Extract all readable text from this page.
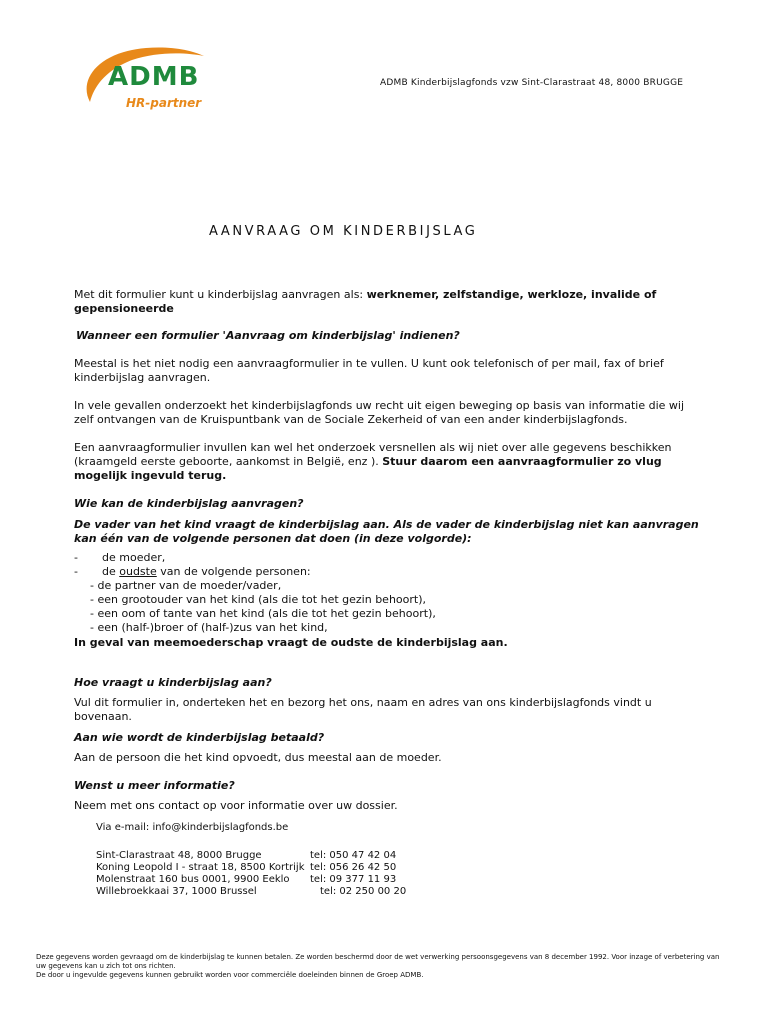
ADMB
HR-partner
ADMB Kinderbijslagfonds vzw Sint-Clarastraat 48, 8000 BRUGGE
AANVRAAG OM KINDERBIJSLAG
Met dit formulier kunt u kinderbijslag aanvragen als: werknemer, zelfstandige, werkloze, invalide of gepensioneerde
Wanneer een formulier 'Aanvraag om kinderbijslag' indienen?
Meestal is het niet nodig een aanvraagformulier in te vullen. U kunt ook telefonisch of per mail, fax of brief kinderbijslag aanvragen.
In vele gevallen onderzoekt het kinderbijslagfonds uw recht uit eigen beweging op basis van informatie die wij zelf ontvangen van de Kruispuntbank van de Sociale Zekerheid of van een ander kinderbijslagfonds.
Een aanvraagformulier invullen kan wel het onderzoek versnellen als wij niet over alle gegevens beschikken (kraamgeld eerste geboorte, aankomst in België, enz ). Stuur daarom een aanvraagformulier zo vlug mogelijk ingevuld terug.
Wie kan de kinderbijslag aanvragen?
De vader van het kind vraagt de kinderbijslag aan. Als de vader de kinderbijslag niet kan aanvragen kan één van de volgende personen dat doen (in deze volgorde):
- de moeder,
- de oudste van de volgende personen:
- de partner van de moeder/vader,
- een grootouder van het kind (als die tot het gezin behoort),
- een oom of tante van het kind (als die tot het gezin behoort),
- een (half-)broer of (half-)zus van het kind,
In geval van meemoederschap vraagt de oudste de kinderbijslag aan.
Hoe vraagt u kinderbijslag aan?
Vul dit formulier in, onderteken het en bezorg het ons, naam en adres van ons kinderbijslagfonds vindt u bovenaan.
Aan wie wordt de kinderbijslag betaald?
Aan de persoon die het kind opvoedt, dus meestal aan de moeder.
Wenst u meer informatie?
Neem met ons contact op voor informatie over uw dossier.
Via e-mail: info@kinderbijslagfonds.be
Sint-Clarastraat 48, 8000 Brugge	tel: 050 47 42 04
Koning Leopold I - straat 18, 8500 Kortrijk tel: 056 26 42 50
Molenstraat 160 bus 0001, 9900 Eeklo tel: 09 377 11 93
Willebroekkaai 37, 1000 Brussel	tel: 02 250 00 20
Deze gegevens worden gevraagd om de kinderbijslag te kunnen betalen. Ze worden beschermd door de wet verwerking persoonsgegevens van 8 december 1992. Voor inzage of verbetering van uw gegevens kan u zich tot ons richten.
De door u ingevulde gegevens kunnen gebruikt worden voor commerciële doeleinden binnen de Groep ADMB.
